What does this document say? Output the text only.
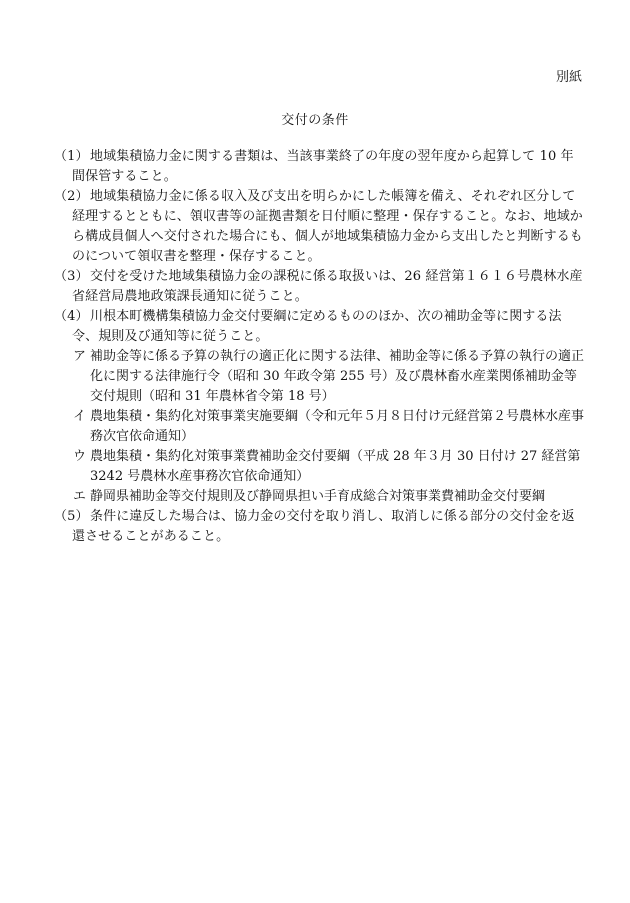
別紙
交付の条件
（1） 地域集積協力金に関する書類は、当該事業終了の年度の翌年度から起算して 10 年間保管すること。
（2） 地域集積協力金に係る収入及び支出を明らかにした帳簿を備え、それぞれ区分して経理するとともに、領収書等の証拠書類を日付順に整理・保存すること。なお、地域から構成員個人へ交付された場合にも、個人が地域集積協力金から支出したと判断するものについて領収書を整理・保存すること。
（3） 交付を受けた地域集積協力金の課税に係る取扱いは、26 経営第１６１６号農林水産省経営局農地政策課長通知に従うこと。
（4） 川根本町機構集積協力金交付要綱に定めるもののほか、次の補助金等に関する法令、規則及び通知等に従うこと。
ア 補助金等に係る予算の執行の適正化に関する法律、補助金等に係る予算の執行の適正化に関する法律施行令（昭和 30 年政令第 255 号）及び農林畜水産業関係補助金等交付規則（昭和 31 年農林省令第 18 号）
イ 農地集積・集約化対策事業実施要綱（令和元年５月８日付け元経営第２号農林水産事務次官依命通知）
ウ 農地集積・集約化対策事業費補助金交付要綱（平成 28 年３月 30 日付け 27 経営第 3242 号農林水産事務次官依命通知）
エ 静岡県補助金等交付規則及び静岡県担い手育成総合対策事業費補助金交付要綱
（5） 条件に違反した場合は、協力金の交付を取り消し、取消しに係る部分の交付金を返還させることがあること。
